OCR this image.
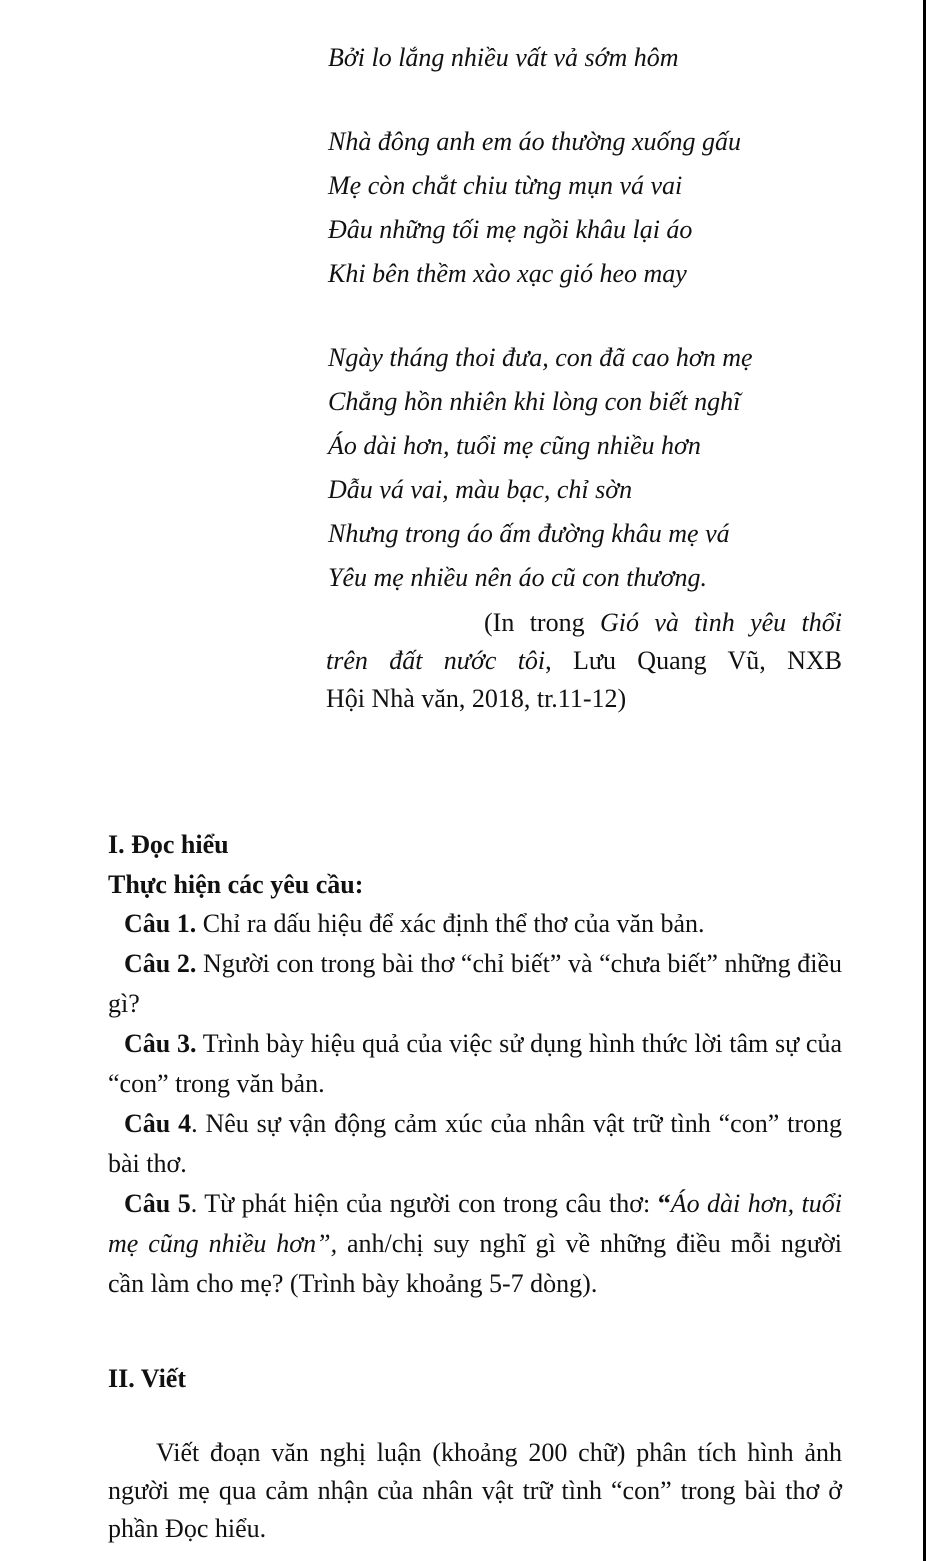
Bởi lo lắng nhiều vất vả sớm hôm
Nhà đông anh em áo thường xuống gấu
Mẹ còn chắt chiu từng mụn vá vai
Đâu những tối mẹ ngồi khâu lại áo
Khi bên thềm xào xạc gió heo may
Ngày tháng thoi đưa, con đã cao hơn mẹ
Chẳng hồn nhiên khi lòng con biết nghĩ
Áo dài hơn, tuổi mẹ cũng nhiều hơn
Dẫu vá vai, màu bạc, chỉ sờn
Nhưng trong áo ấm đường khâu mẹ vá
Yêu mẹ nhiều nên áo cũ con thương.
(In trong Gió và tình yêu thổi
trên đất nước tôi, Lưu Quang Vũ, NXB
Hội Nhà văn, 2018, tr.11-12)
I. Đọc hiểu
Thực hiện các yêu cầu:
Câu 1. Chỉ ra dấu hiệu để xác định thể thơ của văn bản.
Câu 2. Người con trong bài thơ “chỉ biết” và “chưa biết” những điều gì?
Câu 3. Trình bày hiệu quả của việc sử dụng hình thức lời tâm sự của “con” trong văn bản.
Câu 4. Nêu sự vận động cảm xúc của nhân vật trữ tình “con” trong bài thơ.
Câu 5. Từ phát hiện của người con trong câu thơ: “Áo dài hơn, tuổi mẹ cũng nhiều hơn”, anh/chị suy nghĩ gì về những điều mỗi người cần làm cho mẹ? (Trình bày khoảng 5-7 dòng).
II. Viết
Viết đoạn văn nghị luận (khoảng 200 chữ) phân tích hình ảnh người mẹ qua cảm nhận của nhân vật trữ tình “con” trong bài thơ ở phần Đọc hiểu.
